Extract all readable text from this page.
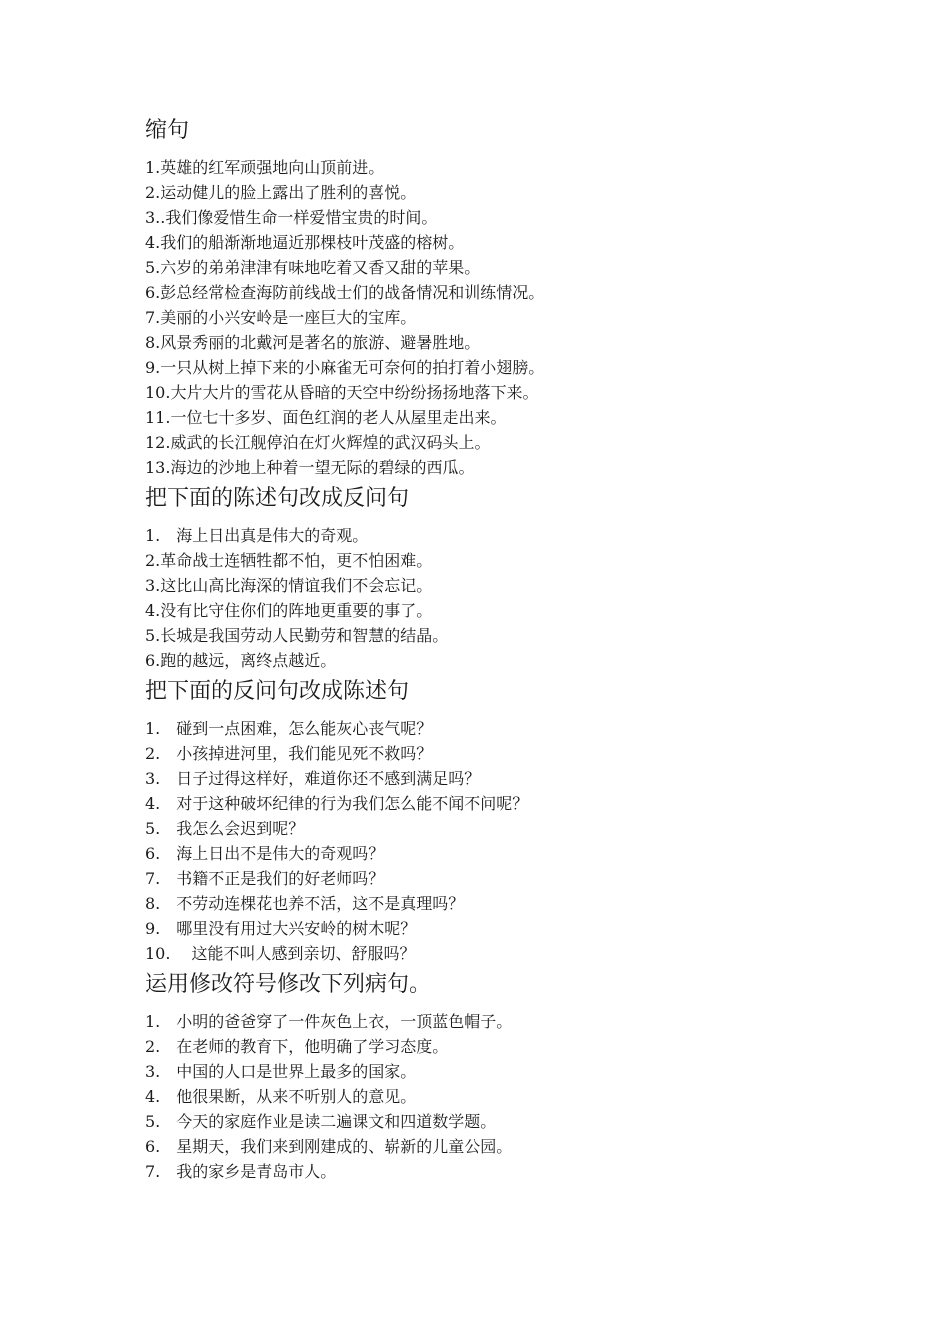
缩句
1.英雄的红军顽强地向山顶前进。
2.运动健儿的脸上露出了胜利的喜悦。
3..我们像爱惜生命一样爱惜宝贵的时间。
4.我们的船渐渐地逼近那棵枝叶茂盛的榕树。
5.六岁的弟弟津津有味地吃着又香又甜的苹果。
6.彭总经常检查海防前线战士们的战备情况和训练情况。
7.美丽的小兴安岭是一座巨大的宝库。
8.风景秀丽的北戴河是著名的旅游、避暑胜地。
9.一只从树上掉下来的小麻雀无可奈何的拍打着小翅膀。
10.大片大片的雪花从昏暗的天空中纷纷扬扬地落下来。
11.一位七十多岁、面色红润的老人从屋里走出来。
12.威武的长江舰停泊在灯火辉煌的武汉码头上。
13.海边的沙地上种着一望无际的碧绿的西瓜。
把下面的陈述句改成反问句
1.　海上日出真是伟大的奇观。
2.革命战士连牺牲都不怕，更不怕困难。
3.这比山高比海深的情谊我们不会忘记。
4.没有比守住你们的阵地更重要的事了。
5.长城是我国劳动人民勤劳和智慧的结晶。
6.跑的越远，离终点越近。
把下面的反问句改成陈述句
1.　碰到一点困难，怎么能灰心丧气呢？
2.　小孩掉进河里，我们能见死不救吗？
3.　日子过得这样好，难道你还不感到满足吗？
4.　对于这种破坏纪律的行为我们怎么能不闻不问呢？
5.　我怎么会迟到呢？
6.　海上日出不是伟大的奇观吗？
7.　书籍不正是我们的好老师吗？
8.　不劳动连棵花也养不活，这不是真理吗？
9.　哪里没有用过大兴安岭的树木呢？
10.　 这能不叫人感到亲切、舒服吗？
运用修改符号修改下列病句。
1.　小明的爸爸穿了一件灰色上衣，一顶蓝色帽子。
2.　在老师的教育下，他明确了学习态度。
3.　中国的人口是世界上最多的国家。
4.　他很果断，从来不听别人的意见。
5.　今天的家庭作业是读二遍课文和四道数学题。
6.　星期天，我们来到刚建成的、崭新的儿童公园。
7.　我的家乡是青岛市人。
